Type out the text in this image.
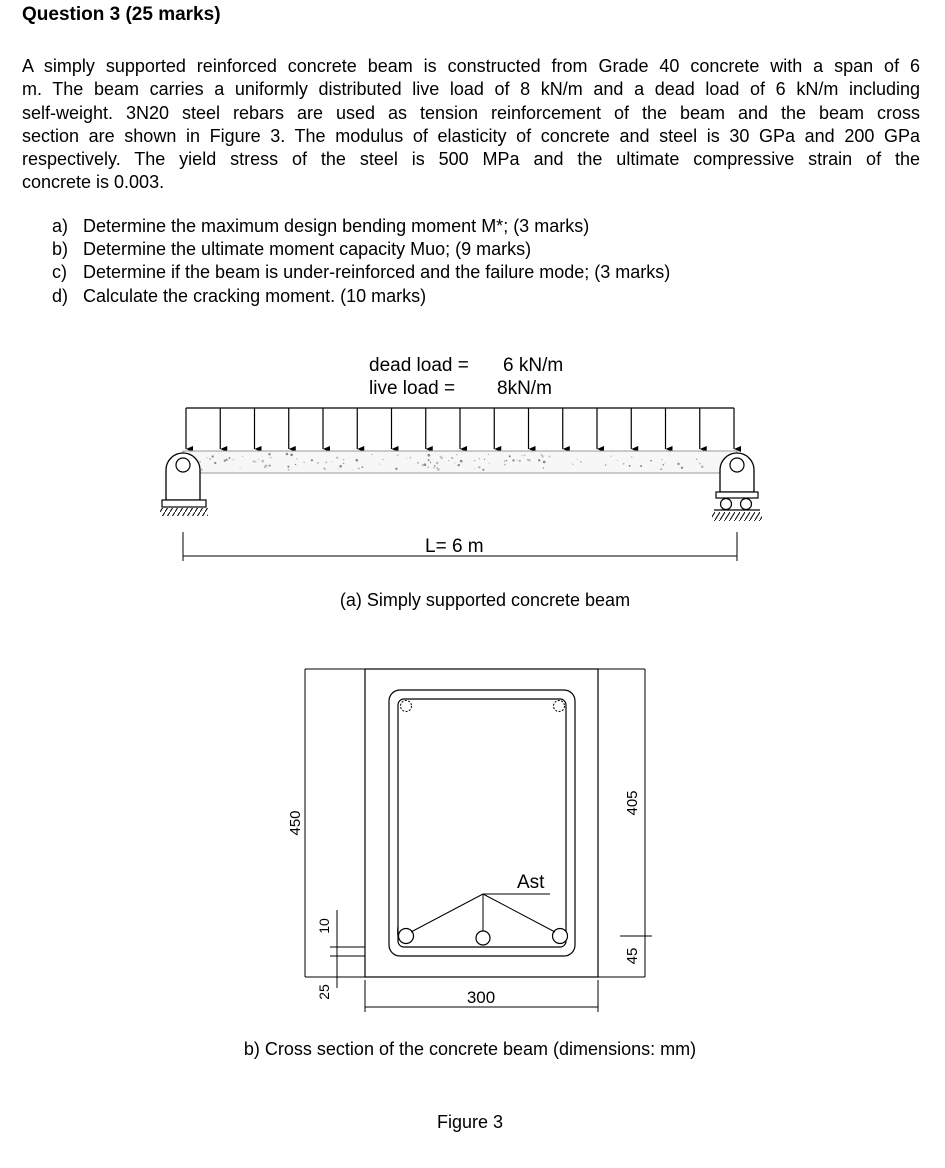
Question 3 (25 marks)
A simply supported reinforced concrete beam is constructed from Grade 40 concrete with a span of 6
m. The beam carries a uniformly distributed live load of 8 kN/m and a dead load of 6 kN/m including
self-weight. 3N20 steel rebars are used as tension reinforcement of the beam and the beam cross
section are shown in Figure 3. The modulus of elasticity of concrete and steel is 30 GPa and 200 GPa
respectively. The yield stress of the steel is 500 MPa and the ultimate compressive strain of the
concrete is 0.003.
a) Determine the maximum design bending moment M*; (3 marks)
b) Determine the ultimate moment capacity Muo; (9 marks)
c) Determine if the beam is under-reinforced and the failure mode; (3 marks)
d) Calculate the cracking moment. (10 marks)
dead load = 6 kN/m
live load = 8kN/m
L= 6 m
(a) Simply supported concrete beam
Ast
450
10
25	300
405
45
b) Cross section of the concrete beam (dimensions: mm)
Figure 3
